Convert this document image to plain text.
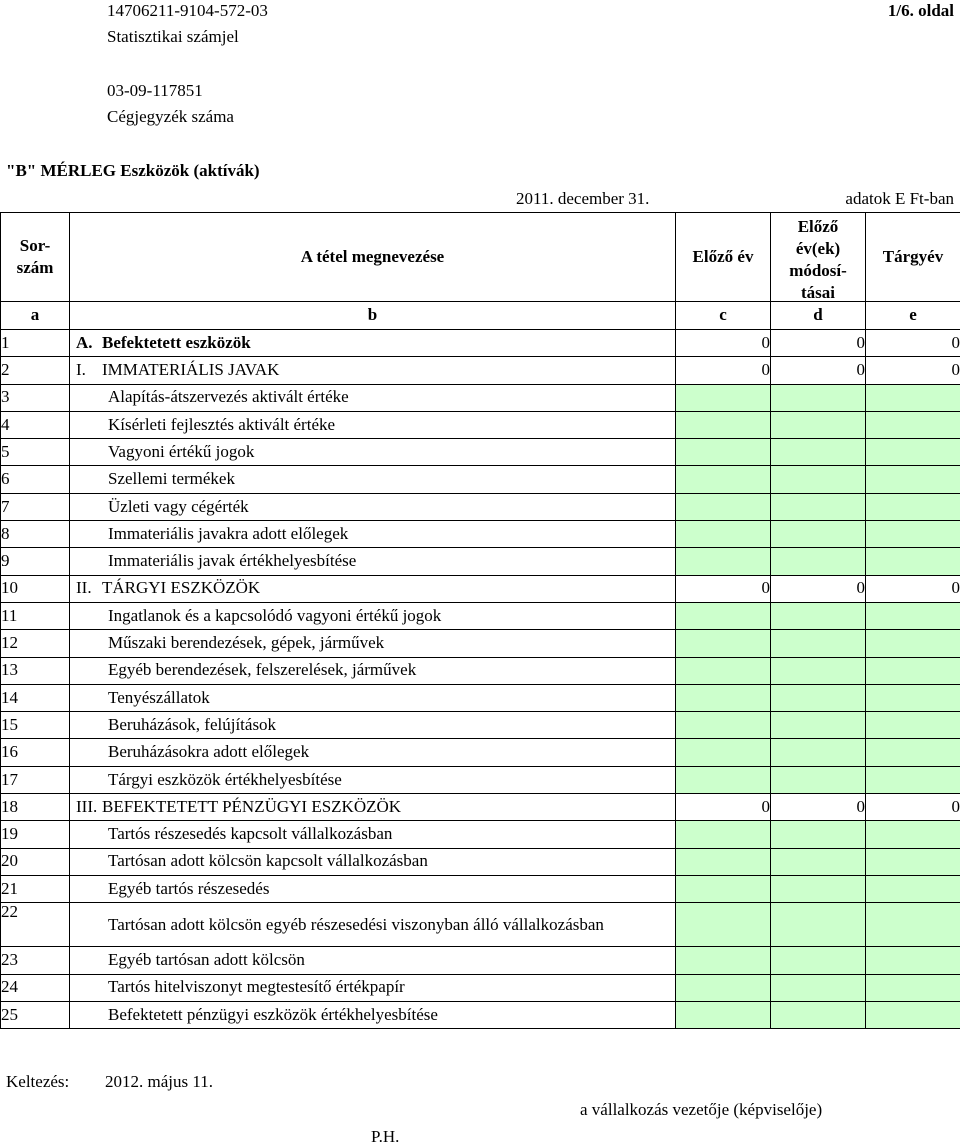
14706211-9104-572-03
Statisztikai számjel
1/6. oldal
03-09-117851
Cégjegyzék száma
"B" MÉRLEG Eszközök (aktívák)
2011. december 31.	adatok E Ft-ban
Sor-
szám	A tétel megnevezése	Előző év	Előző
év(ek)
módosí-
tásai	Tárgyév
a	b	c	d	e
1	A. Befektetett eszközök	0	0	0
2	I. IMMATERIÁLIS JAVAK	0	0	0
3	Alapítás-átszervezés aktivált értéke			
4	Kísérleti fejlesztés aktivált értéke			
5	Vagyoni értékű jogok			
6	Szellemi termékek			
7	Üzleti vagy cégérték			
8	Immateriális javakra adott előlegek			
9	Immateriális javak értékhelyesbítése			
10	II. TÁRGYI ESZKÖZÖK	0	0	0
11	Ingatlanok és a kapcsolódó vagyoni értékű jogok			
12	Műszaki berendezések, gépek, járművek			
13	Egyéb berendezések, felszerelések, járművek			
14	Tenyészállatok			
15	Beruházások, felújítások			
16	Beruházásokra adott előlegek			
17	Tárgyi eszközök értékhelyesbítése			
18	III. BEFEKTETETT PÉNZÜGYI ESZKÖZÖK	0	0	0
19	Tartós részesedés kapcsolt vállalkozásban			
20	Tartósan adott kölcsön kapcsolt vállalkozásban			
21	Egyéb tartós részesedés			
22	Tartósan adott kölcsön egyéb részesedési viszonyban álló vállalkozásban			

23	Egyéb tartósan adott kölcsön			
24	Tartós hitelviszonyt megtestesítő értékpapír			
25	Befektetett pénzügyi eszközök értékhelyesbítése			
Keltezés: 2012. május 11.
a vállalkozás vezetője (képviselője)
P.H.
